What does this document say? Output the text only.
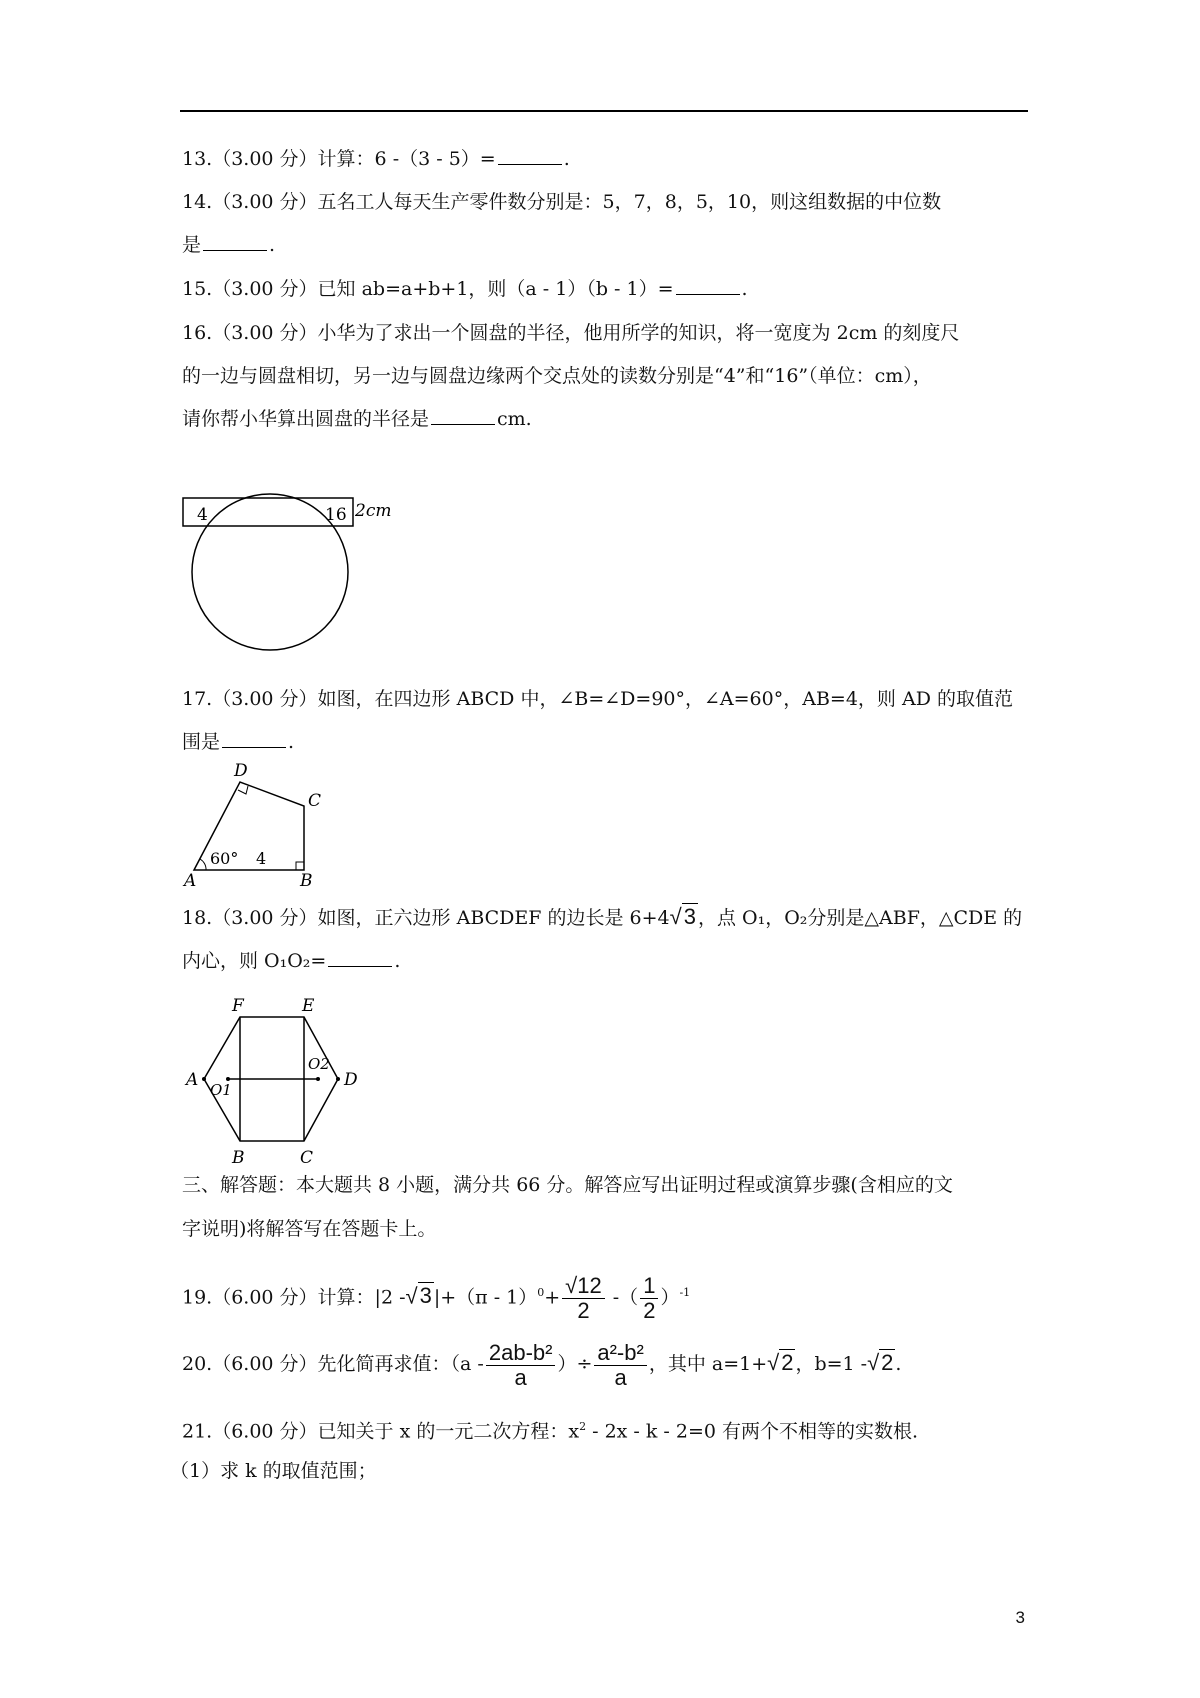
13.（3.00 分）计算：6 -（3 - 5）=	.
14.（3.00 分）五名工人每天生产零件数分别是：5，7，8，5，10，则这组数据的中位数
是	.
15.（3.00 分）已知 ab=a+b+1，则（a - 1）（b - 1）=	.
16.（3.00 分）小华为了求出一个圆盘的半径，他用所学的知识，将一宽度为 2cm 的刻度尺
的一边与圆盘相切，另一边与圆盘边缘两个交点处的读数分别是“4”和“16”（单位：cm），
请你帮小华算出圆盘的半径是	cm.
4	16 2cm
17.（3.00 分）如图，在四边形 ABCD 中，∠B=∠D=90°，∠A=60°，AB=4，则 AD 的取值范
围是	.
D
C
A	B
60° 4
18.（3.00 分）如图，正六边形 ABCDEF 的边长是 6+4√3 ，点 O₁，O₂分别是△ABF，△CDE 的
内心，则 O₁O₂=	.
F	E
A	D
B	C
O1
O2
三、解答题：本大题共 8 小题，满分共 66 分。解答应写出证明过程或演算步骤(含相应的文
字说明)将解答写在答题卡上。
19.（6.00 分）计算：|2 -√3 $|+(\pi - 1)^0+ \frac{√12}{2}$ -（ $\frac{1}{2} )^{-1}$
20.（6.00 分）先化简再求值：（$a - \frac{\text{2ab-b²}}{a}$ ）÷ $\frac{\text{a²-b²}}{a}$ ，其中 a=1+√2 ，b=1 -√2 .
21.（6.00 分）已知关于 x 的一元二次方程：$x^2 - 2x - k - 2=0$ 有两个不相等的实数根.
（1）求 k 的取值范围；
3
